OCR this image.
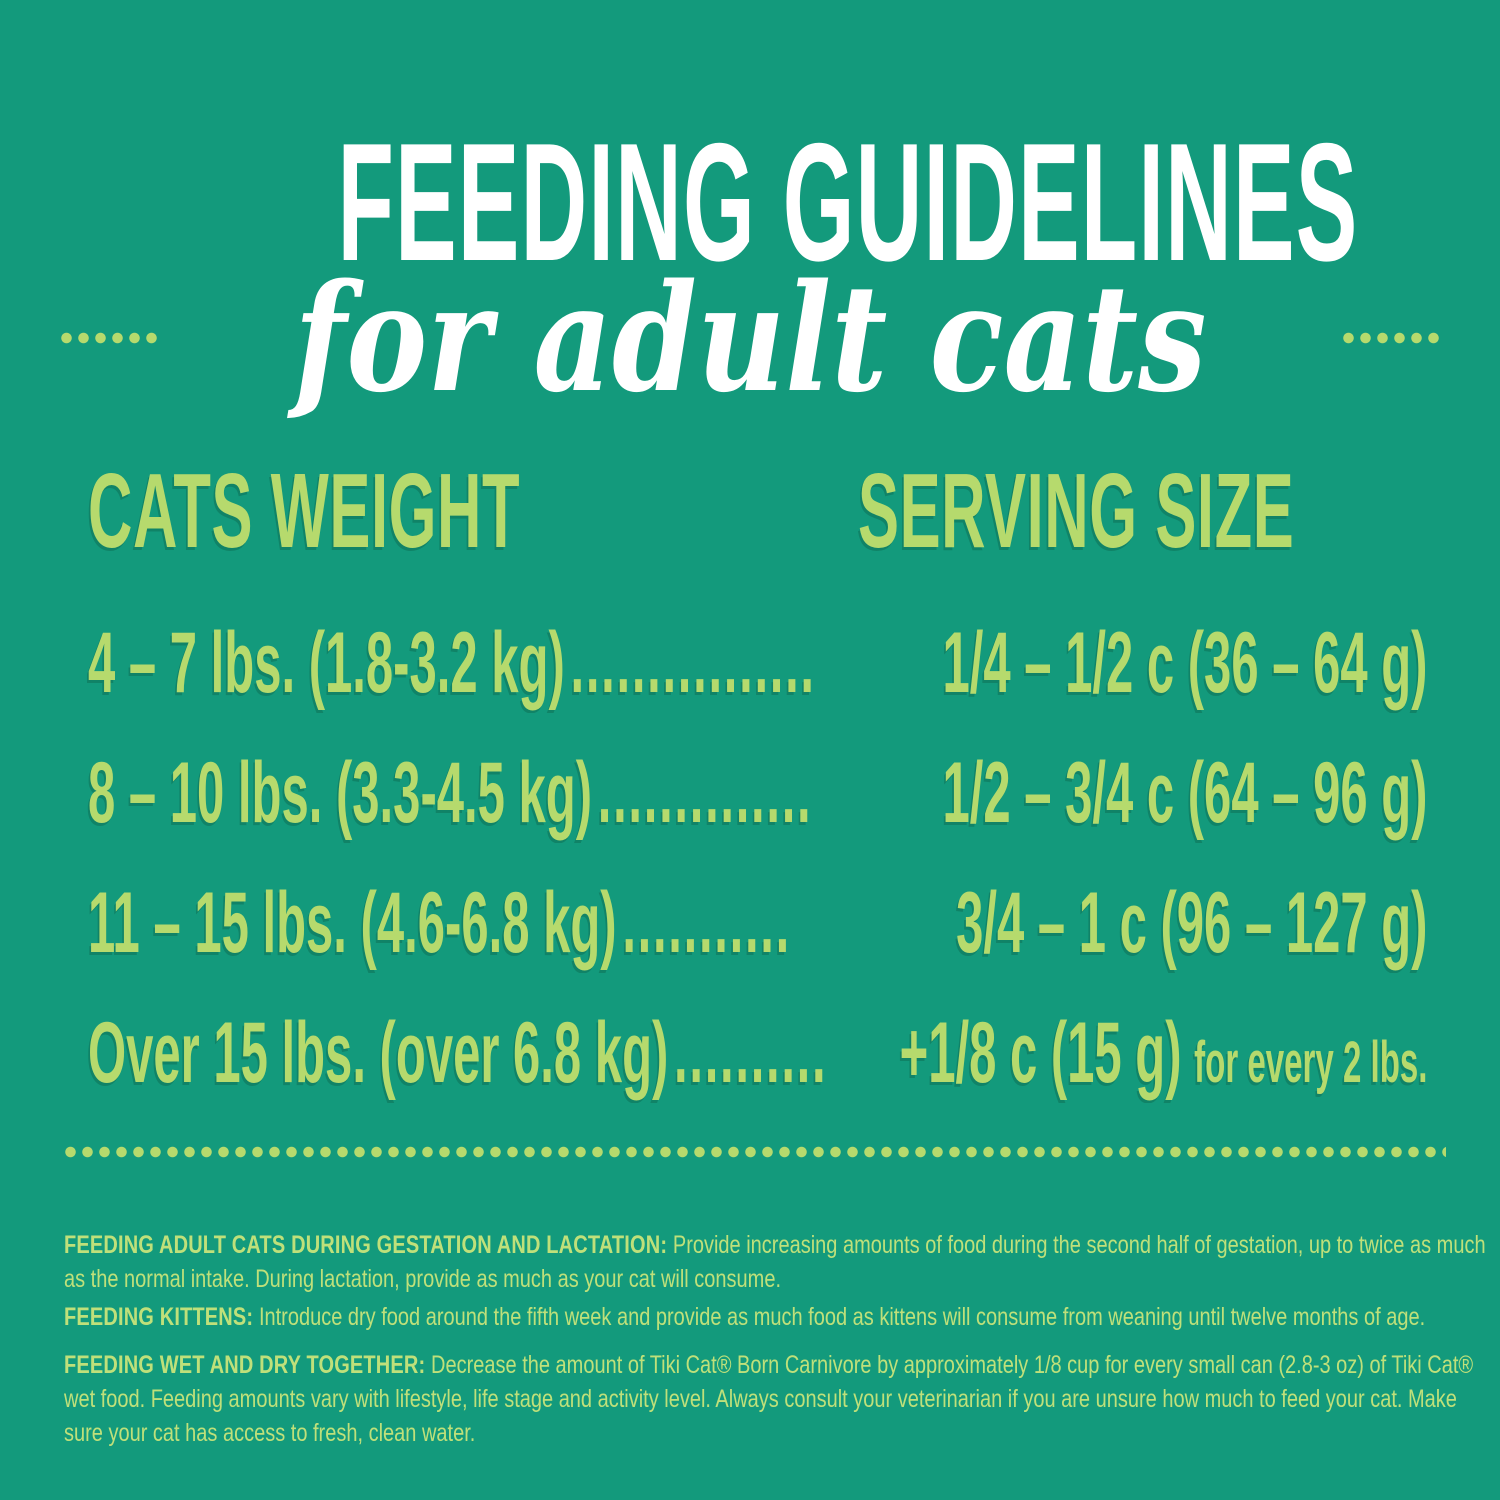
FEEDING GUIDELINES
for adult cats
CATS WEIGHT	SERVING SIZE
4 – 7 lbs. (1.8-3.2 kg) ................	1/4 – 1/2 c (36 – 64 g)
8 – 10 lbs. (3.3-4.5 kg) ..............	1/2 – 3/4 c (64 – 96 g)
11 – 15 lbs. (4.6-6.8 kg) ...........	3/4 – 1 c (96 – 127 g)
Over 15 lbs. (over 6.8 kg) .......... +1/8 c (15 g) for every 2 lbs.
FEEDING ADULT CATS DURING GESTATION AND LACTATION: Provide increasing amounts of food during the second half of gestation, up to twice as much as the normal intake. During lactation, provide as much as your cat will consume.
FEEDING KITTENS: Introduce dry food around the fifth week and provide as much food as kittens will consume from weaning until twelve months of age.
FEEDING WET AND DRY TOGETHER: Decrease the amount of Tiki Cat® Born Carnivore by approximately 1/8 cup for every small can (2.8-3 oz) of Tiki Cat® wet food. Feeding amounts vary with lifestyle, life stage and activity level. Always consult your veterinarian if you are unsure how much to feed your cat. Make sure your cat has access to fresh, clean water.
